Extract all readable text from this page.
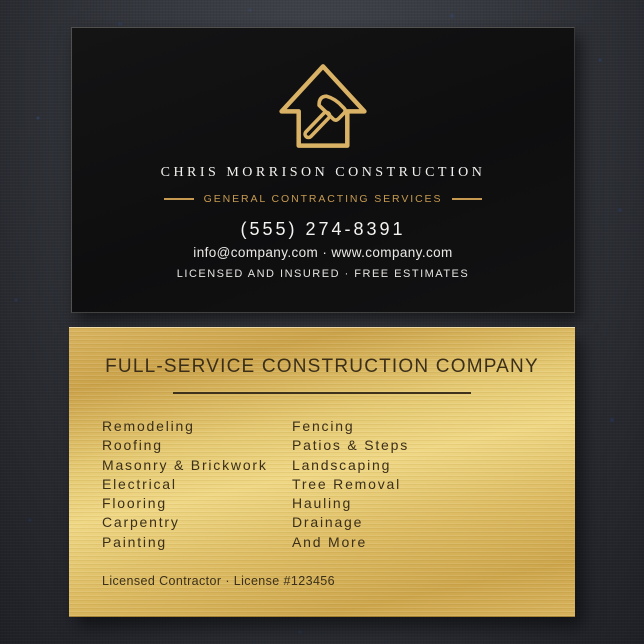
CHRIS MORRISON CONSTRUCTION
GENERAL CONTRACTING SERVICES
(555) 274-8391
info@company.com · www.company.com
LICENSED AND INSURED · FREE ESTIMATES
FULL-SERVICE CONSTRUCTION COMPANY
Remodeling
Roofing
Masonry & Brickwork
Electrical
Flooring
Carpentry
Painting
Fencing
Patios & Steps
Landscaping
Tree Removal
Hauling
Drainage
And More
Licensed Contractor · License #123456
